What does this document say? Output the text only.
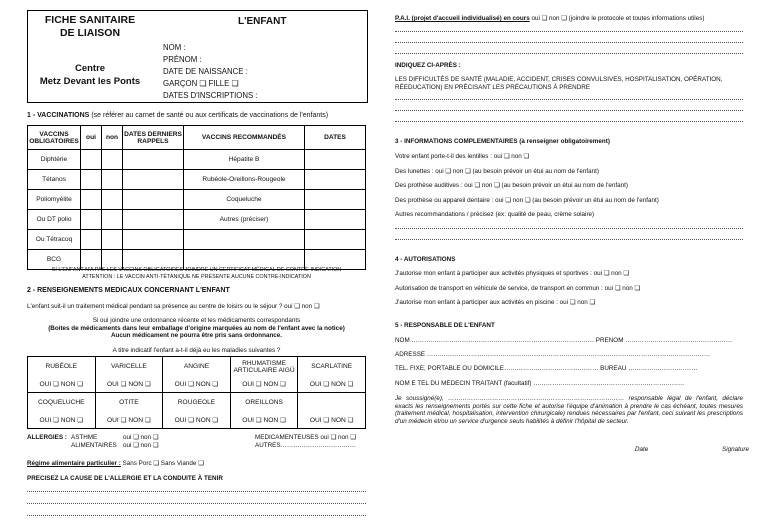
FICHE SANITAIRE
DE LIAISON
L'ENFANT
Centre
Metz Devant les Ponts
NOM :
PRÉNOM :
DATE DE NAISSANCE :
GARÇON ❏ FILLE ❏
DATES D'INSCRIPTIONS :
1 - VACCINATIONS (se référer au carnet de santé ou aux certificats de vaccinations de l'enfants)
VACCINS OBLIGATOIRES	oui	non	DATES DERNIERS RAPPELS	VACCINS RECOMMANDÉS	DATES
Diphtérie				Hépatite B	
Tétanos				Rubéole-Oreillons-Rougeole	
Poliomyélite				Coqueluche	
Ou DT polio				Autres (préciser)	
Ou Tétracoq					
BCG					
SI L'ENFANT N'A PAS LES VACCINS OBLIGATOIRES JOINDRE UN CERTIFICAT MÉDICAL DE CONTRE-INDICATION
ATTENTION : LE VACCIN ANTI-TÉTANIQUE NE PRÉSENTE AUCUNE CONTRE-INDICATION
2 - RENSEIGNEMENTS MEDICAUX CONCERNANT L'ENFANT
L'enfant suit-il un traitement médical pendant sa présence au centre de loisirs ou le séjour ? oui ❏ non ❏
Si oui joindre une ordonnance récente et les médicaments correspondants
(Boites de médicaments dans leur emballage d'origine marquées au nom de l'enfant avec la notice)
Aucun médicament ne pourra être pris sans ordonnance.
A titre indicatif l'enfant a-t-il déjà eu les maladies suivantes ?
RUBÉOLE	VARICELLE	ANGINE	RHUMATISME ARTICULAIRE AIGÜ	SCARLATINE
OUI ❏ NON ❏	OUI ❏ NON ❏	OUI ❏ NON ❏	OUI ❏ NON ❏	OUI ❏ NON ❏
COQUELUCHE	OTITE	ROUGEOLE	OREILLONS	
OUI ❏ NON ❏	OUI ❏ NON ❏	OUI ❏ NON ❏	OUI ❏ NON ❏	OUI ❏ NON ❏
ALLERGIES : ASTHME
ALIMENTAIRES
oui ❏ non ❏
oui ❏ non ❏
MEDICAMENTEUSES oui ❏ non ❏
AUTRES………………………………
Régime alimentaire particulier : Sans Porc ❏ Sans Viande ❏
PRECISEZ LA CAUSE DE L'ALLERGIE ET LA CONDUITE À TENIR
P.A.I. (projet d'accueil individualisé) en cours oui ❏ non ❏ (joindre le protocole et toutes informations utiles)
INDIQUEZ CI-APRÈS :
LES DIFFICULTÉS DE SANTÉ (MALADIE, ACCIDENT, CRISES CONVULSIVES, HOSPITALISATION, OPÉRATION, RÉEDUCATION) EN PRÉCISANT LES PRÉCAUTIONS À PRENDRE
3 - INFORMATIONS COMPLEMENTAIRES (à renseigner obligatoirement)
Votre enfant porte-t-il des lentilles : oui ❏ non ❏
Des lunettes : oui ❏ non ❏ (au besoin prévoir un étui au nom de l'enfant)
Des prothèse auditives : oui ❏ non ❏ (au besoin prévoir un étui au nom de l'enfant)
Des prothèse ou appareil dentaire : oui ❏ non ❏ (au besoin prévoir un étui au nom de l'enfant)
Autres recommandations / précisez (ex: qualité de peau, crème solaire)
4 - AUTORISATIONS
J'autorise mon enfant à participer aux activités physiques et sportives : oui ❏ non ❏
Autorisation de transport en véhicule de service, de transport en commun : oui ❏ non ❏
J'autorise mon enfant à participer aux activités en piscine : oui ❏ non ❏
5 - RESPONSABLE DE L'ENFANT
NOM …………………………………………………………………………… PRENOM ……………………………………………
ADRESSE ………………………………………………………………………………………………………………………
TÉL. FIXE, PORTABLE OU DOMICILE……………………………………… BUREAU ……………………………
NOM E TÉL DU MÉDECIN TRAITANT (facultatif) ………………………………………………………………
Je soussigné(e), ………………………………………………………………………… responsable légal de l'enfant, déclare exacts les renseignements portés sur cette fiche et autorise l'équipe d'animation à prendre le cas échéant, toutes mesures (traitement médical, hospitalisation, intervention chirurgicale) rendues nécessaires par l'enfant, ceci suivant les prescriptions d'un médecin et/ou un service d'urgence seuls habilités à définir l'hôpital de secteur.
Date	Signature
